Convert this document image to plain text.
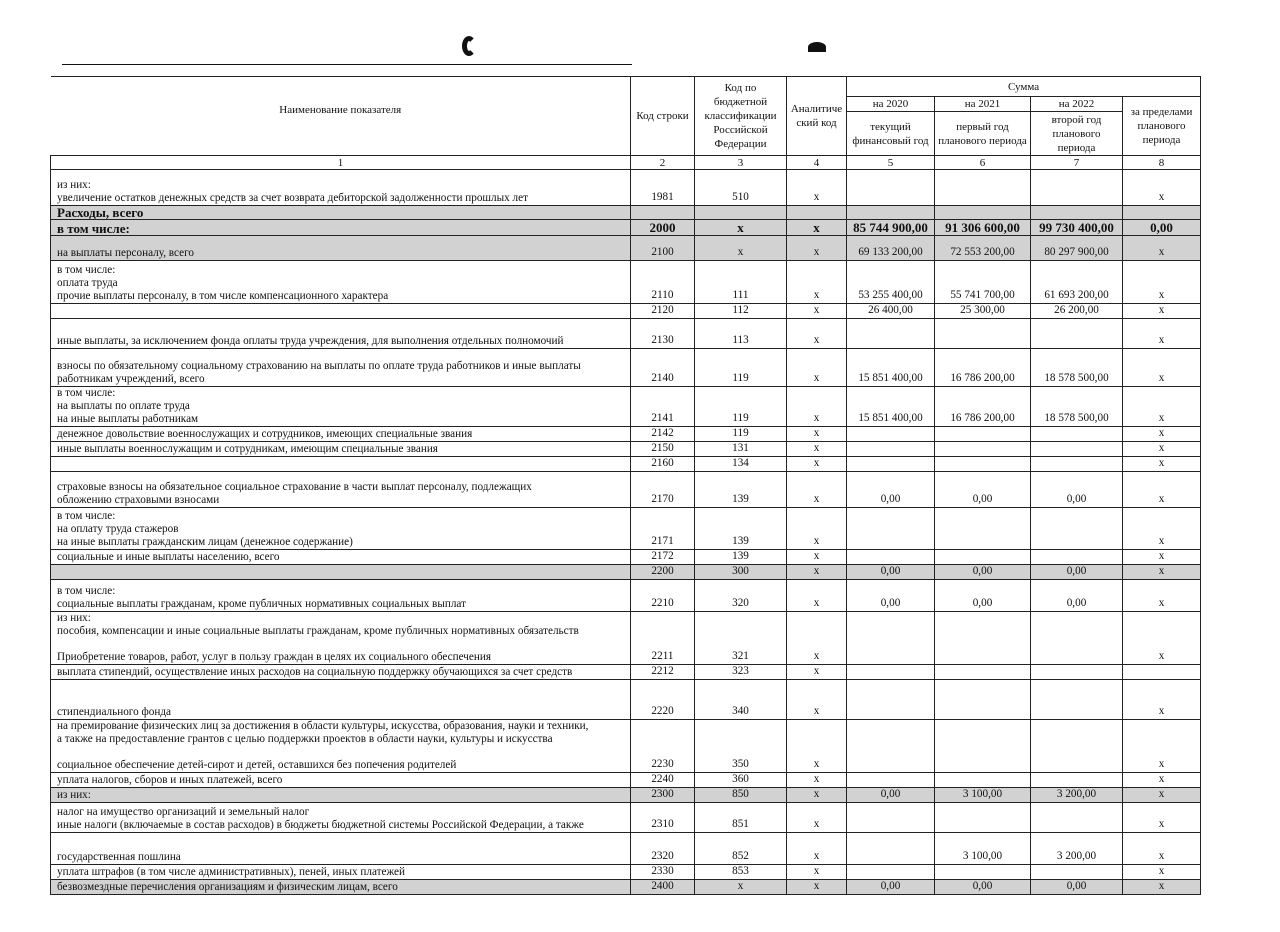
Наименование показателя	Код строки	Код по бюджетной классификации Российской Федерации	Аналитиче ский код	Сумма			
				на 2020	на 2021	на 2022	за пределами планового периода
				текущий финансовый год	первый год планового периода	второй год планового периода	
1	2	3	4	5	6	7	8
из них:
увеличение остатков денежных средств за счет возврата дебиторской задолженности прошлых лет	1981	510	x				x
Расходы, всего							
в том числе:	2000	x	x	85 744 900,00	91 306 600,00	99 730 400,00	0,00
на выплаты персоналу, всего	2100	x	x	69 133 200,00	72 553 200,00	80 297 900,00	x
в том числе:
оплата труда
прочие выплаты персоналу, в том числе компенсационного характера	2110	111	x	53 255 400,00	55 741 700,00	61 693 200,00	x
	2120	112	x	26 400,00	25 300,00	26 200,00	x
иные выплаты, за исключением фонда оплаты труда учреждения, для выполнения отдельных полномочий	2130	113	x				x
взносы по обязательному социальному страхованию на выплаты по оплате труда работников и иные выплаты
работникам учреждений, всего	2140	119	x	15 851 400,00	16 786 200,00	18 578 500,00	x
в том числе:
на выплаты по оплате труда
на иные выплаты работникам	2141	119	x	15 851 400,00	16 786 200,00	18 578 500,00	x
денежное довольствие военнослужащих и сотрудников, имеющих специальные звания	2142	119	x				x
иные выплаты военнослужащим и сотрудникам, имеющим специальные звания	2150	131	x				x
	2160	134	x				x
страховые взносы на обязательное социальное страхование в части выплат персоналу, подлежащих
обложению страховыми взносами	2170	139	x	0,00	0,00	0,00	x
в том числе:
на оплату труда стажеров
на иные выплаты гражданским лицам (денежное содержание)	2171	139	x				x
социальные и иные выплаты населению, всего	2172	139	x				x
	2200	300	x	0,00	0,00	0,00	x
в том числе:
социальные выплаты гражданам, кроме публичных нормативных социальных выплат	2210	320	x	0,00	0,00	0,00	x
из них:
пособия, компенсации и иные социальные выплаты гражданам, кроме публичных нормативных обязательств

Приобретение товаров, работ, услуг в пользу граждан в целях их социального обеспечения	2211	321	x				x
выплата стипендий, осуществление иных расходов на социальную поддержку обучающихся за счет средств	2212	323	x				
стипендиального фонда	2220	340	x				x
на премирование физических лиц за достижения в области культуры, искусства, образования, науки и техники,
а также на предоставление грантов с целью поддержки проектов в области науки, культуры и искусства

социальное обеспечение детей-сирот и детей, оставшихся без попечения родителей	2230	350	x				x
уплата налогов, сборов и иных платежей, всего	2240	360	x				x
из них:	2300	850	x	0,00	3 100,00	3 200,00	x
налог на имущество организаций и земельный налог
иные налоги (включаемые в состав расходов) в бюджеты бюджетной системы Российской Федерации, а также	2310	851	x				x
государственная пошлина	2320	852	x		3 100,00	3 200,00	x
уплата штрафов (в том числе административных), пеней, иных платежей	2330	853	x				x
безвозмездные перечисления организациям и физическим лицам, всего	2400	x	x	0,00	0,00	0,00	x
